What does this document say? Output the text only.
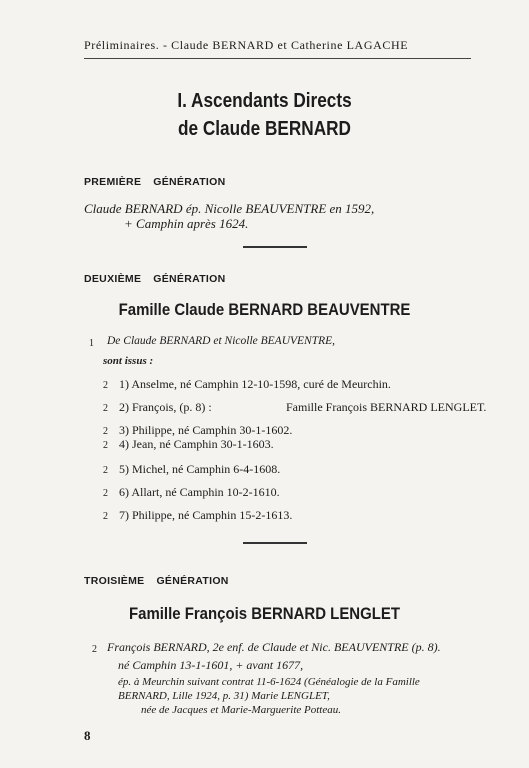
Préliminaires. - Claude BERNARD et Catherine LAGACHE
I. Ascendants Directs
de Claude BERNARD
PREMIÈRE GÉNÉRATION
Claude BERNARD ép. Nicolle BEAUVENTRE en 1592,
+ Camphin après 1624.
DEUXIÈME GÉNÉRATION
Famille Claude BERNARD BEAUVENTRE
1 De Claude BERNARD et Nicolle BEAUVENTRE,
sont issus :
2 1) Anselme, né Camphin 12-10-1598, curé de Meurchin.
2 2) François, (p. 8) :	Famille François BERNARD LENGLET.
2 3) Philippe, né Camphin 30-1-1602.
2 4) Jean, né Camphin 30-1-1603.
2 5) Michel, né Camphin 6-4-1608.
2 6) Allart, né Camphin 10-2-1610.
2 7) Philippe, né Camphin 15-2-1613.
TROISIÈME GÉNÉRATION
Famille François BERNARD LENGLET
2 François BERNARD, 2e enf. de Claude et Nic. BEAUVENTRE (p. 8).
né Camphin 13-1-1601, + avant 1677,
ép. à Meurchin suivant contrat 11-6-1624 (Généalogie de la Famille
BERNARD, Lille 1924, p. 31) Marie LENGLET,
née de Jacques et Marie-Marguerite Potteau.
8
